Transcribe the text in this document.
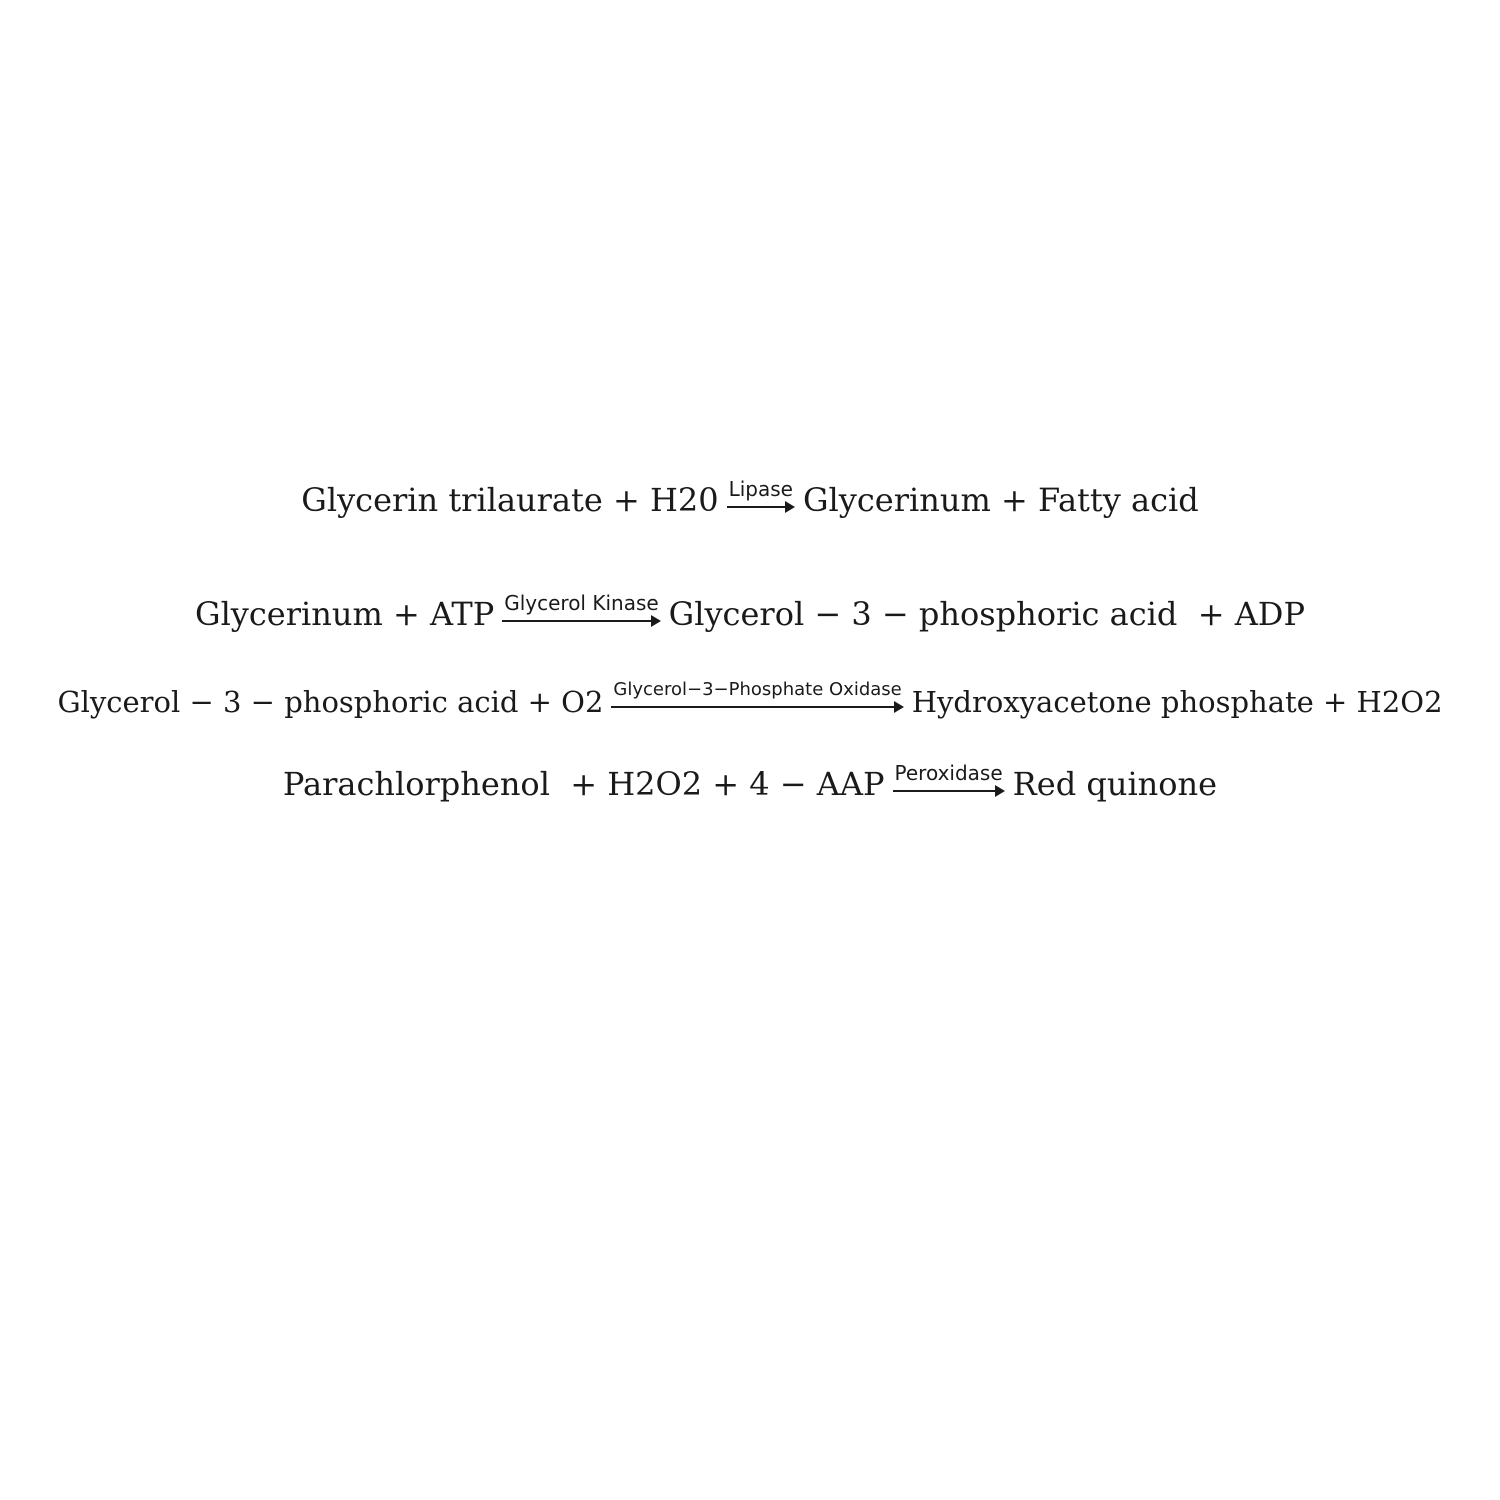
Glycerin trilaurate + H20 Lipase Glycerinum + Fatty acid
Glycerinum + ATP Glycerol Kinase Glycerol − 3 − phosphoric acid  + ADP
Glycerol − 3 − phosphoric acid + O2 Glycerol−3−Phosphate Oxidase Hydroxyacetone phosphate + H2O2
Parachlorphenol  + H2O2 + 4 − AAP Peroxidase Red quinone
